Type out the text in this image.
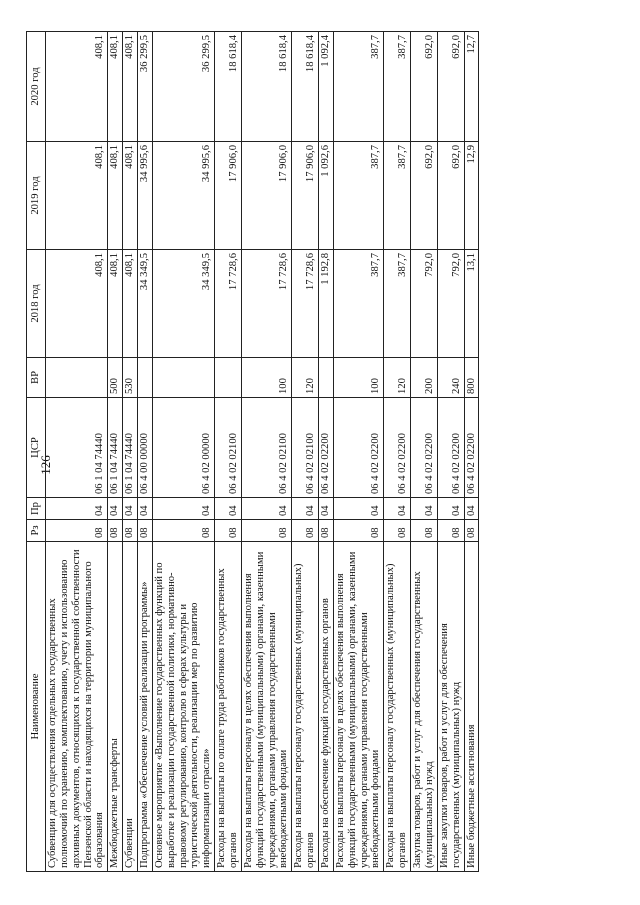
126
Наименование	Рз	Пр	ЦСР	ВР	2018 год	2019 год	2020 год
Субвенции для осуществления отдельных государственных полномочий по хранению, комплектованию, учету и использованию архивных документов, относящихся к государственной собственности Пензенской области и находящихся на территории муниципального образования	08	04	06 1 04 74440		408,1	408,1	408,1
Межбюджетные трансферты	08	04	06 1 04 74440	500	408,1	408,1	408,1
Субвенции	08	04	06 1 04 74440	530	408,1	408,1	408,1
Подпрограмма «Обеспечение условий реализации программы»	08	04	06 4 00 00000		34 349,5	34 995,6	36 299,5
Основное мероприятие «Выполнение государственных функций по выработке и реализации государственной политики, нормативно-правовому регулированию, контролю в сферах культуры и туристической деятельности, реализации мер по развитию информатизации отрасли»	08	04	06 4 02 00000		34 349,5	34 995,6	36 299,5
Расходы на выплаты по оплате труда работников государственных органов	08	04	06 4 02 02100		17 728,6	17 906,0	18 618,4
Расходы на выплаты персоналу в целях обеспечения выполнения функций государственными (муниципальными) органами, казенными учреждениями, органами управления государственными внебюджетными фондами	08	04	06 4 02 02100	100	17 728,6	17 906,0	18 618,4
Расходы на выплаты персоналу государственных (муниципальных) органов	08	04	06 4 02 02100	120	17 728,6	17 906,0	18 618,4
Расходы на обеспечение функций государственных органов	08	04	06 4 02 02200		1 192,8	1 092,6	1 092,4
Расходы на выплаты персоналу в целях обеспечения выполнения функций государственными (муниципальными) органами, казенными учреждениями, органами управления государственными внебюджетными фондами	08	04	06 4 02 02200	100	387,7	387,7	387,7
Расходы на выплаты персоналу государственных (муниципальных) органов	08	04	06 4 02 02200	120	387,7	387,7	387,7
Закупка товаров, работ и услуг для обеспечения государственных (муниципальных) нужд	08	04	06 4 02 02200	200	792,0	692,0	692,0
Иные закупки товаров, работ и услуг для обеспечения государственных (муниципальных) нужд	08	04	06 4 02 02200	240	792,0	692,0	692,0
Иные бюджетные ассигнования	08	04	06 4 02 02200	800	13,1	12,9	12,7
